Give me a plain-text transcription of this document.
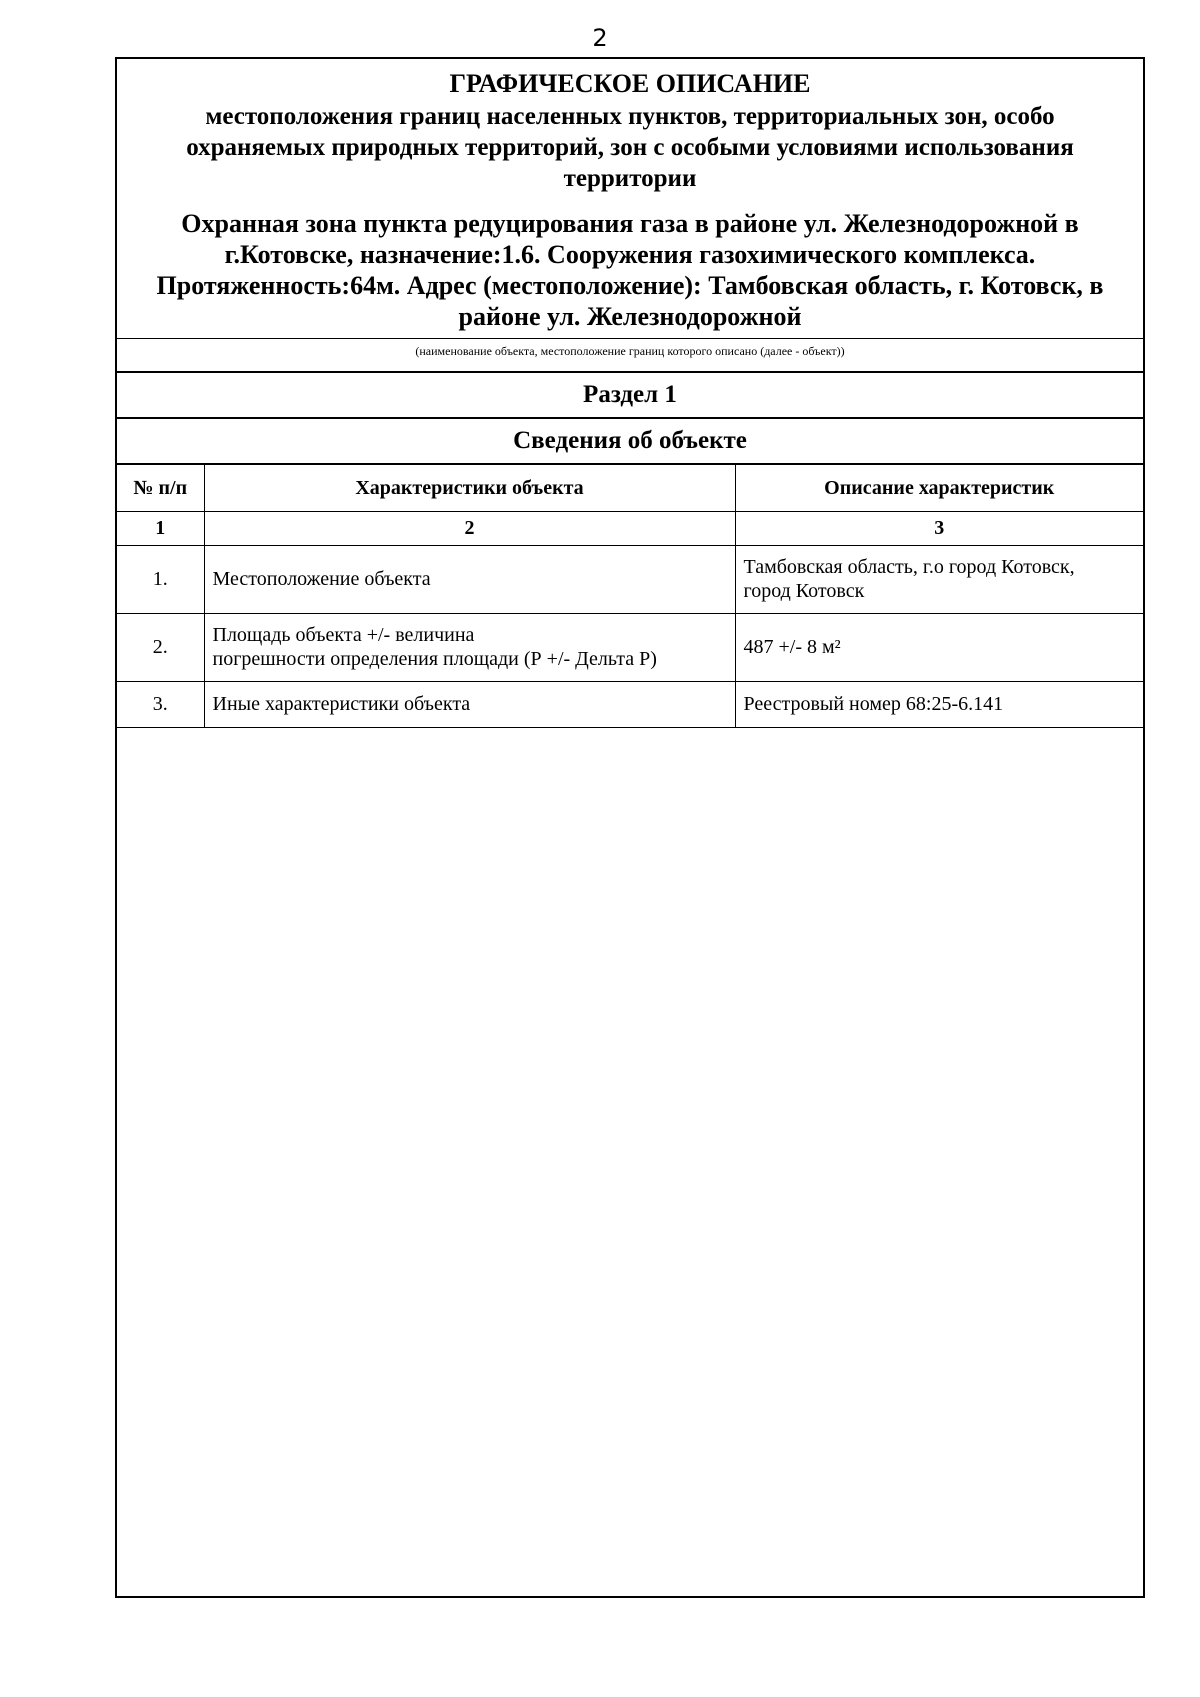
2
ГРАФИЧЕСКОЕ ОПИСАНИЕ
местоположения границ населенных пунктов, территориальных зон, особо
охраняемых природных территорий, зон с особыми условиями использования
территории
Охранная зона пункта редуцирования газа в районе ул. Железнодорожной в
г.Котовске, назначение:1.6. Сооружения газохимического комплекса.
Протяженность:64м. Адрес (местоположение): Тамбовская область, г. Котовск, в
районе ул. Железнодорожной
(наименование объекта, местоположение границ которого описано (далее - объект))
Раздел 1
Сведения об объекте
№ п/п	Характеристики объекта	Описание характеристик
1	2	3
1.	Местоположение объекта	Тамбовская область, г.о город Котовск,
город Котовск

2.	Площадь объекта +/- величина
погрешности определения площади (Р +/- Дельта Р)	487 +/- 8 м²

3.	Иные характеристики объекта	Реестровый номер 68:25-6.141
